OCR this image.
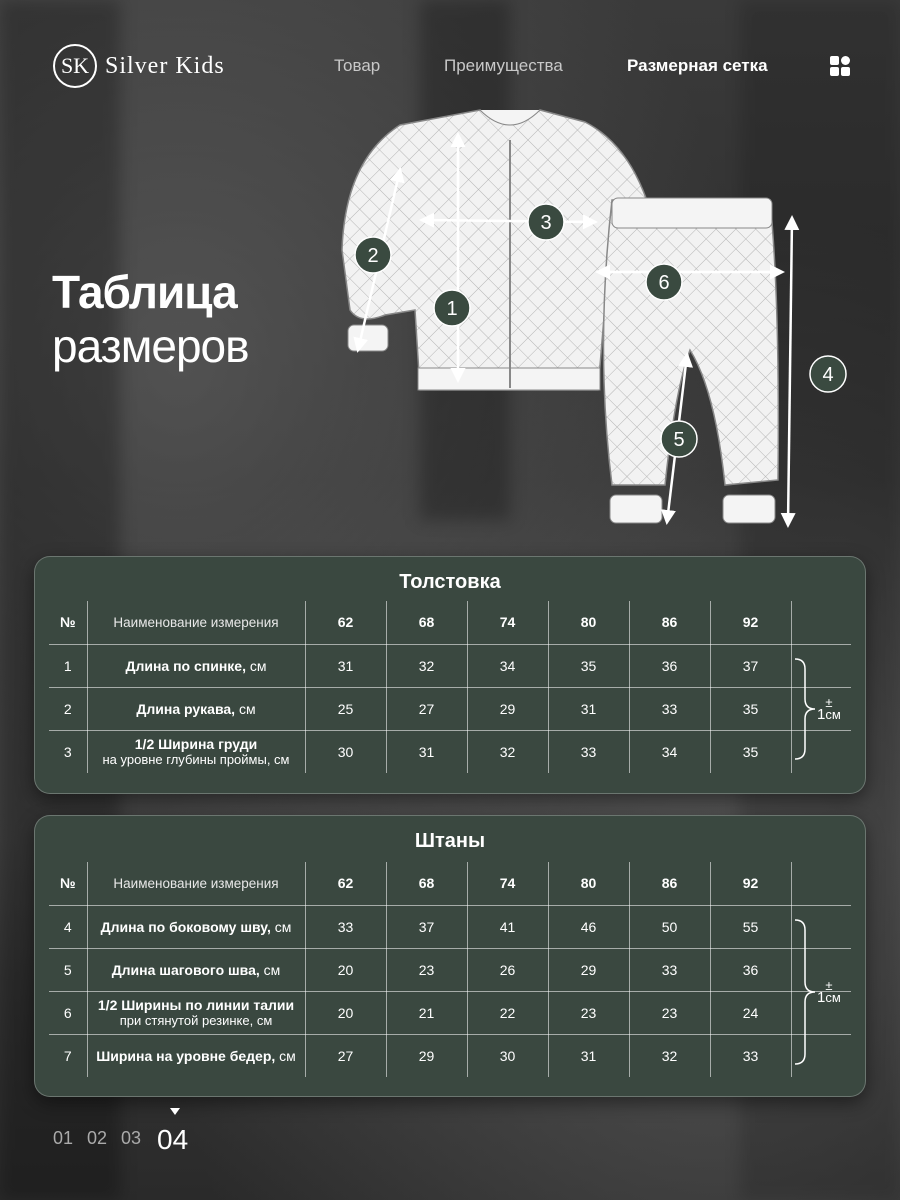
SK Silver Kids	Товар	Преимущества	Размерная сетка
Таблица
размеров
1
2
3
4
5
6
Толстовка
№	Наименование измерения	62	68	74	80	86	92	
1	Длина по спинке, см	31	32	34	35	36	37	
2	Длина рукава, см	25	27	29	31	33	35	
3	1/2 Ширина груди
на уровне глубины проймы, см	30	31	32	33	34	35	
±
1см
Штаны
№	Наименование измерения	62	68	74	80	86	92	
4	Длина по боковому шву, см	33	37	41	46	50	55	
5	Длина шагового шва, см	20	23	26	29	33	36	
6	1/2 Ширины по линии талии
при стянутой резинке, см	20	21	22	23	23	24	
7	Ширина на уровне бедер, см	27	29	30	31	32	33	
±
1см
01 02 03 04
